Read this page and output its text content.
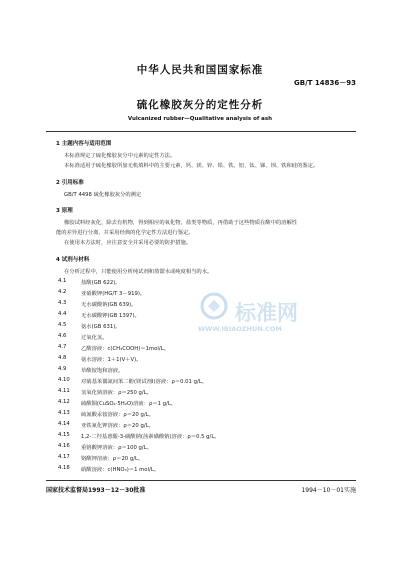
中华人民共和国国家标准
GB/T 14836－93
硫化橡胶灰分的定性分析
Vulcanized rubber—Qualitative analysis of ash
1 主题内容与适用范围
本标准规定了硫化橡胶灰分中元素的定性方法。
本标准适用于硫化橡胶所加无机填料中的主要元素，钙、镁、锌、铅、铁、铝、钛、锑、钡、铁和硅的鉴定。
2 引用标准
GB/T 4498 硫化橡胶灰分的测定
3 原理
橡胶试料经灰化，除去有机物，得到相应的氧化物、盐类等物质，再借助于这些物质在酸中的溶解性
能的差异进行分离，并采用经典的化学定性方法进行鉴定。
在使用本方法时，应注意安全并采用必要的防护措施。
4 试剂与材料
在分析过程中，只能使用分析纯试剂和蒸馏水或纯度相当的水。
4.1	盐酸(GB 622)。
4.2	亚硝酸钾(HG/T 3－919)。
4.3	无水碳酸钠(GB 639)。
4.4	无水碳酸钾(GB 1397)。
4.5	氨水(GB 631)。
4.6	过氧化氢。
4.7	乙酸溶液：c(CH₃COOH)＝1mol/L。
4.8	氨水溶液：1＋1(V＋V)。
4.9	草酸铵饱和溶液。
4.10 对硝基苯偶氮间苯二酚(镁试剂Ⅰ)溶液：ρ＝0.01 g/L。
4.11 氢氧化钠溶液：ρ＝250 g/L。
4.12 硫酸铜(CuSO₄·5H₂O)溶液：ρ＝1 g/L。
4.13 硫氰酸汞铵溶液：ρ＝20 g/L。
4.14 亚铁氰化钾溶液：ρ＝20 g/L。
4.15 1,2-二羟基蒽醌-3-磺酸钠(茜素磺酸钠)溶液：ρ＝0.5 g/L。
4.16 重铬酸钾溶液：ρ＝100 g/L。
4.17 铬酸钾溶液：ρ＝20 g/L。
4.18 硝酸溶液：c(HNO₃)＝1 mol/L。
标准网
WWW.IBIAOZHUN.COM
国家技术监督局1993－12－30批准	1994－10－01实施
